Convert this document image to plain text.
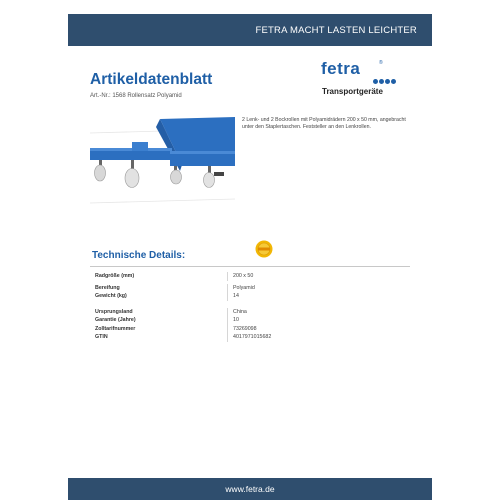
FETRA MACHT LASTEN LEICHTER
Artikeldatenblatt
Art.-Nr.: 1568 Rollensatz Polyamid
fetra	®
Transportgeräte
2 Lenk- und 2 Bockrollen mit Polyamidrädern 200 x 50 mm, angebracht unter den Staplertaschen. Feststeller an den Lenkrollen.
Technische Details:
Radgröße (mm)	200 x 50
Bereifung	Polyamid
Gewicht (kg)	14
Ursprungsland	China
Garantie (Jahre)	10
Zolltarifnummer	73269098
GTIN	4017971015682
www.fetra.de
